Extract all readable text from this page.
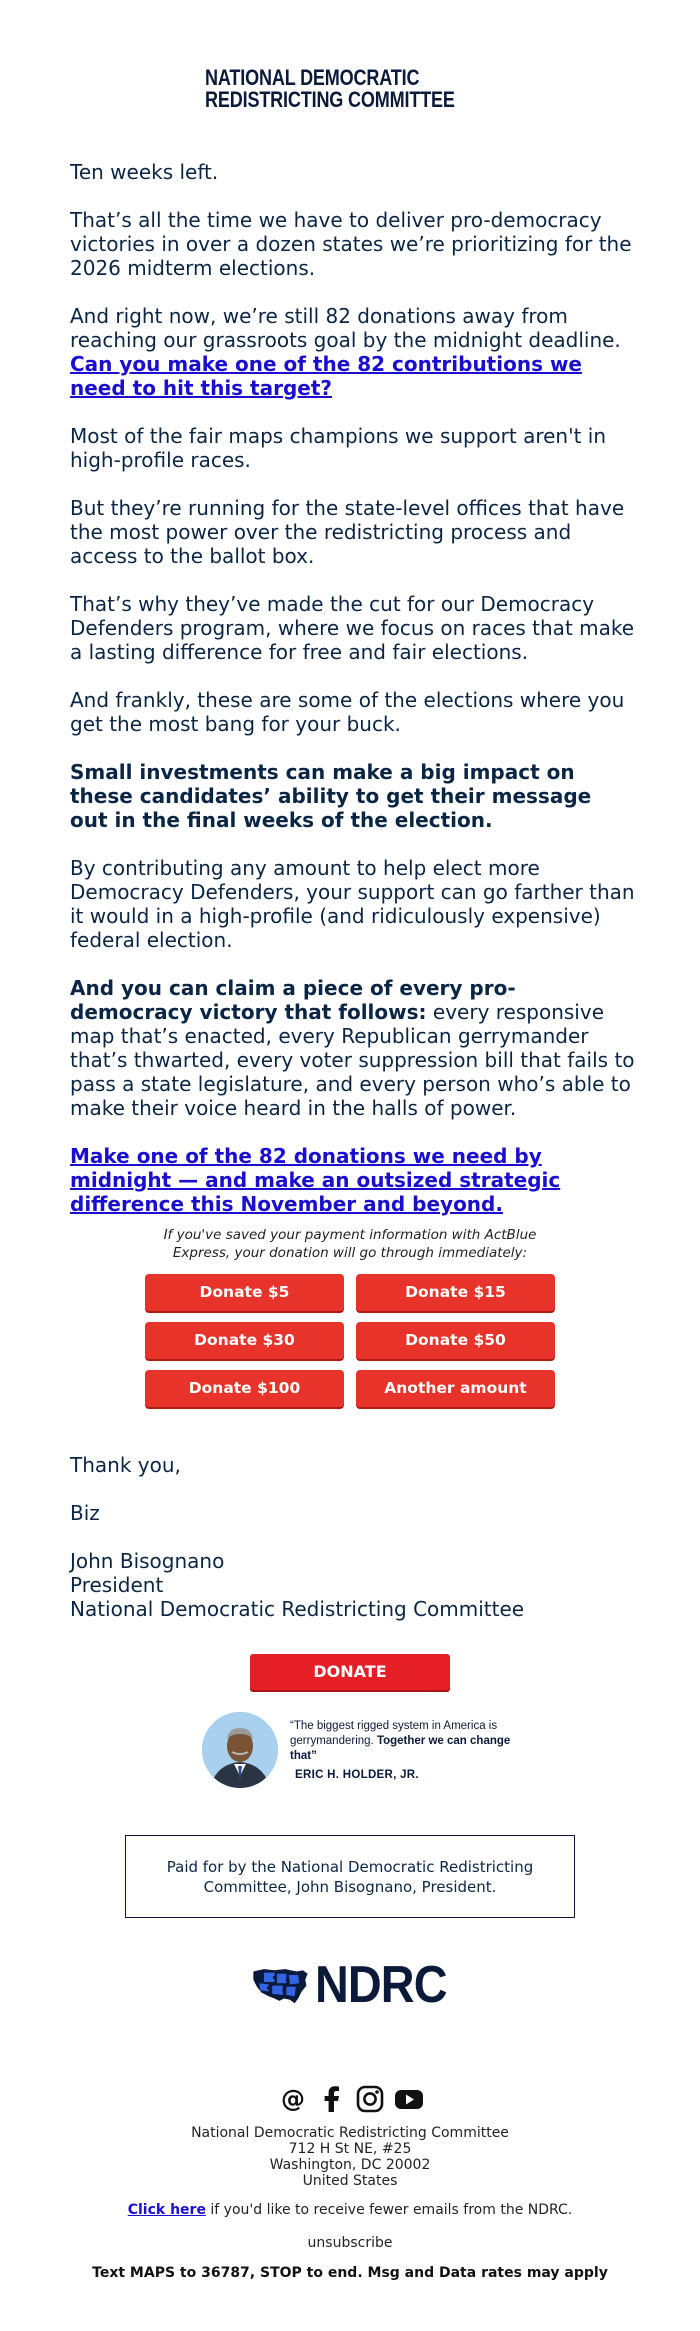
NATIONAL DEMOCRATIC
REDISTRICTING COMMITTEE

Ten weeks left.

That’s all the time we have to deliver pro-democracy victories in over a dozen states we’re prioritizing for the 2026 midterm elections.

And right now, we’re still 82 donations away from reaching our grassroots goal by the midnight deadline. Can you make one of the 82 contributions we need to hit this target?

Most of the fair maps champions we support aren't in high-profile races.

But they’re running for the state-level offices that have the most power over the redistricting process and access to the ballot box.

That’s why they’ve made the cut for our Democracy Defenders program, where we focus on races that make a lasting difference for free and fair elections.

And frankly, these are some of the elections where you get the most bang for your buck.

Small investments can make a big impact on these candidates’ ability to get their message out in the final weeks of the election.

By contributing any amount to help elect more Democracy Defenders, your support can go farther than it would in a high-profile (and ridiculously expensive) federal election.

And you can claim a piece of every pro-democracy victory that follows: every responsive map that’s enacted, every Republican gerrymander that’s thwarted, every voter suppression bill that fails to pass a state legislature, and every person who’s able to make their voice heard in the halls of power.

Make one of the 82 donations we need by midnight — and make an outsized strategic difference this November and beyond.

If you've saved your payment information with ActBlue Express, your donation will go through immediately:
Donate $5	Donate $15
Donate $30	Donate $50
Donate $100	Another amount

Thank you,

Biz

John Bisognano
President
National Democratic Redistricting Committee
DONATE
“The biggest rigged system in America is gerrymandering. Together we can change that”
ERIC H. HOLDER, JR.
Paid for by the National Democratic Redistricting Committee, John Bisognano, President.
NDRC
@
National Democratic Redistricting Committee
712 H St NE, #25
Washington, DC 20002
United States
Click here if you'd like to receive fewer emails from the NDRC.
unsubscribe
Text MAPS to 36787, STOP to end. Msg and Data rates may apply
